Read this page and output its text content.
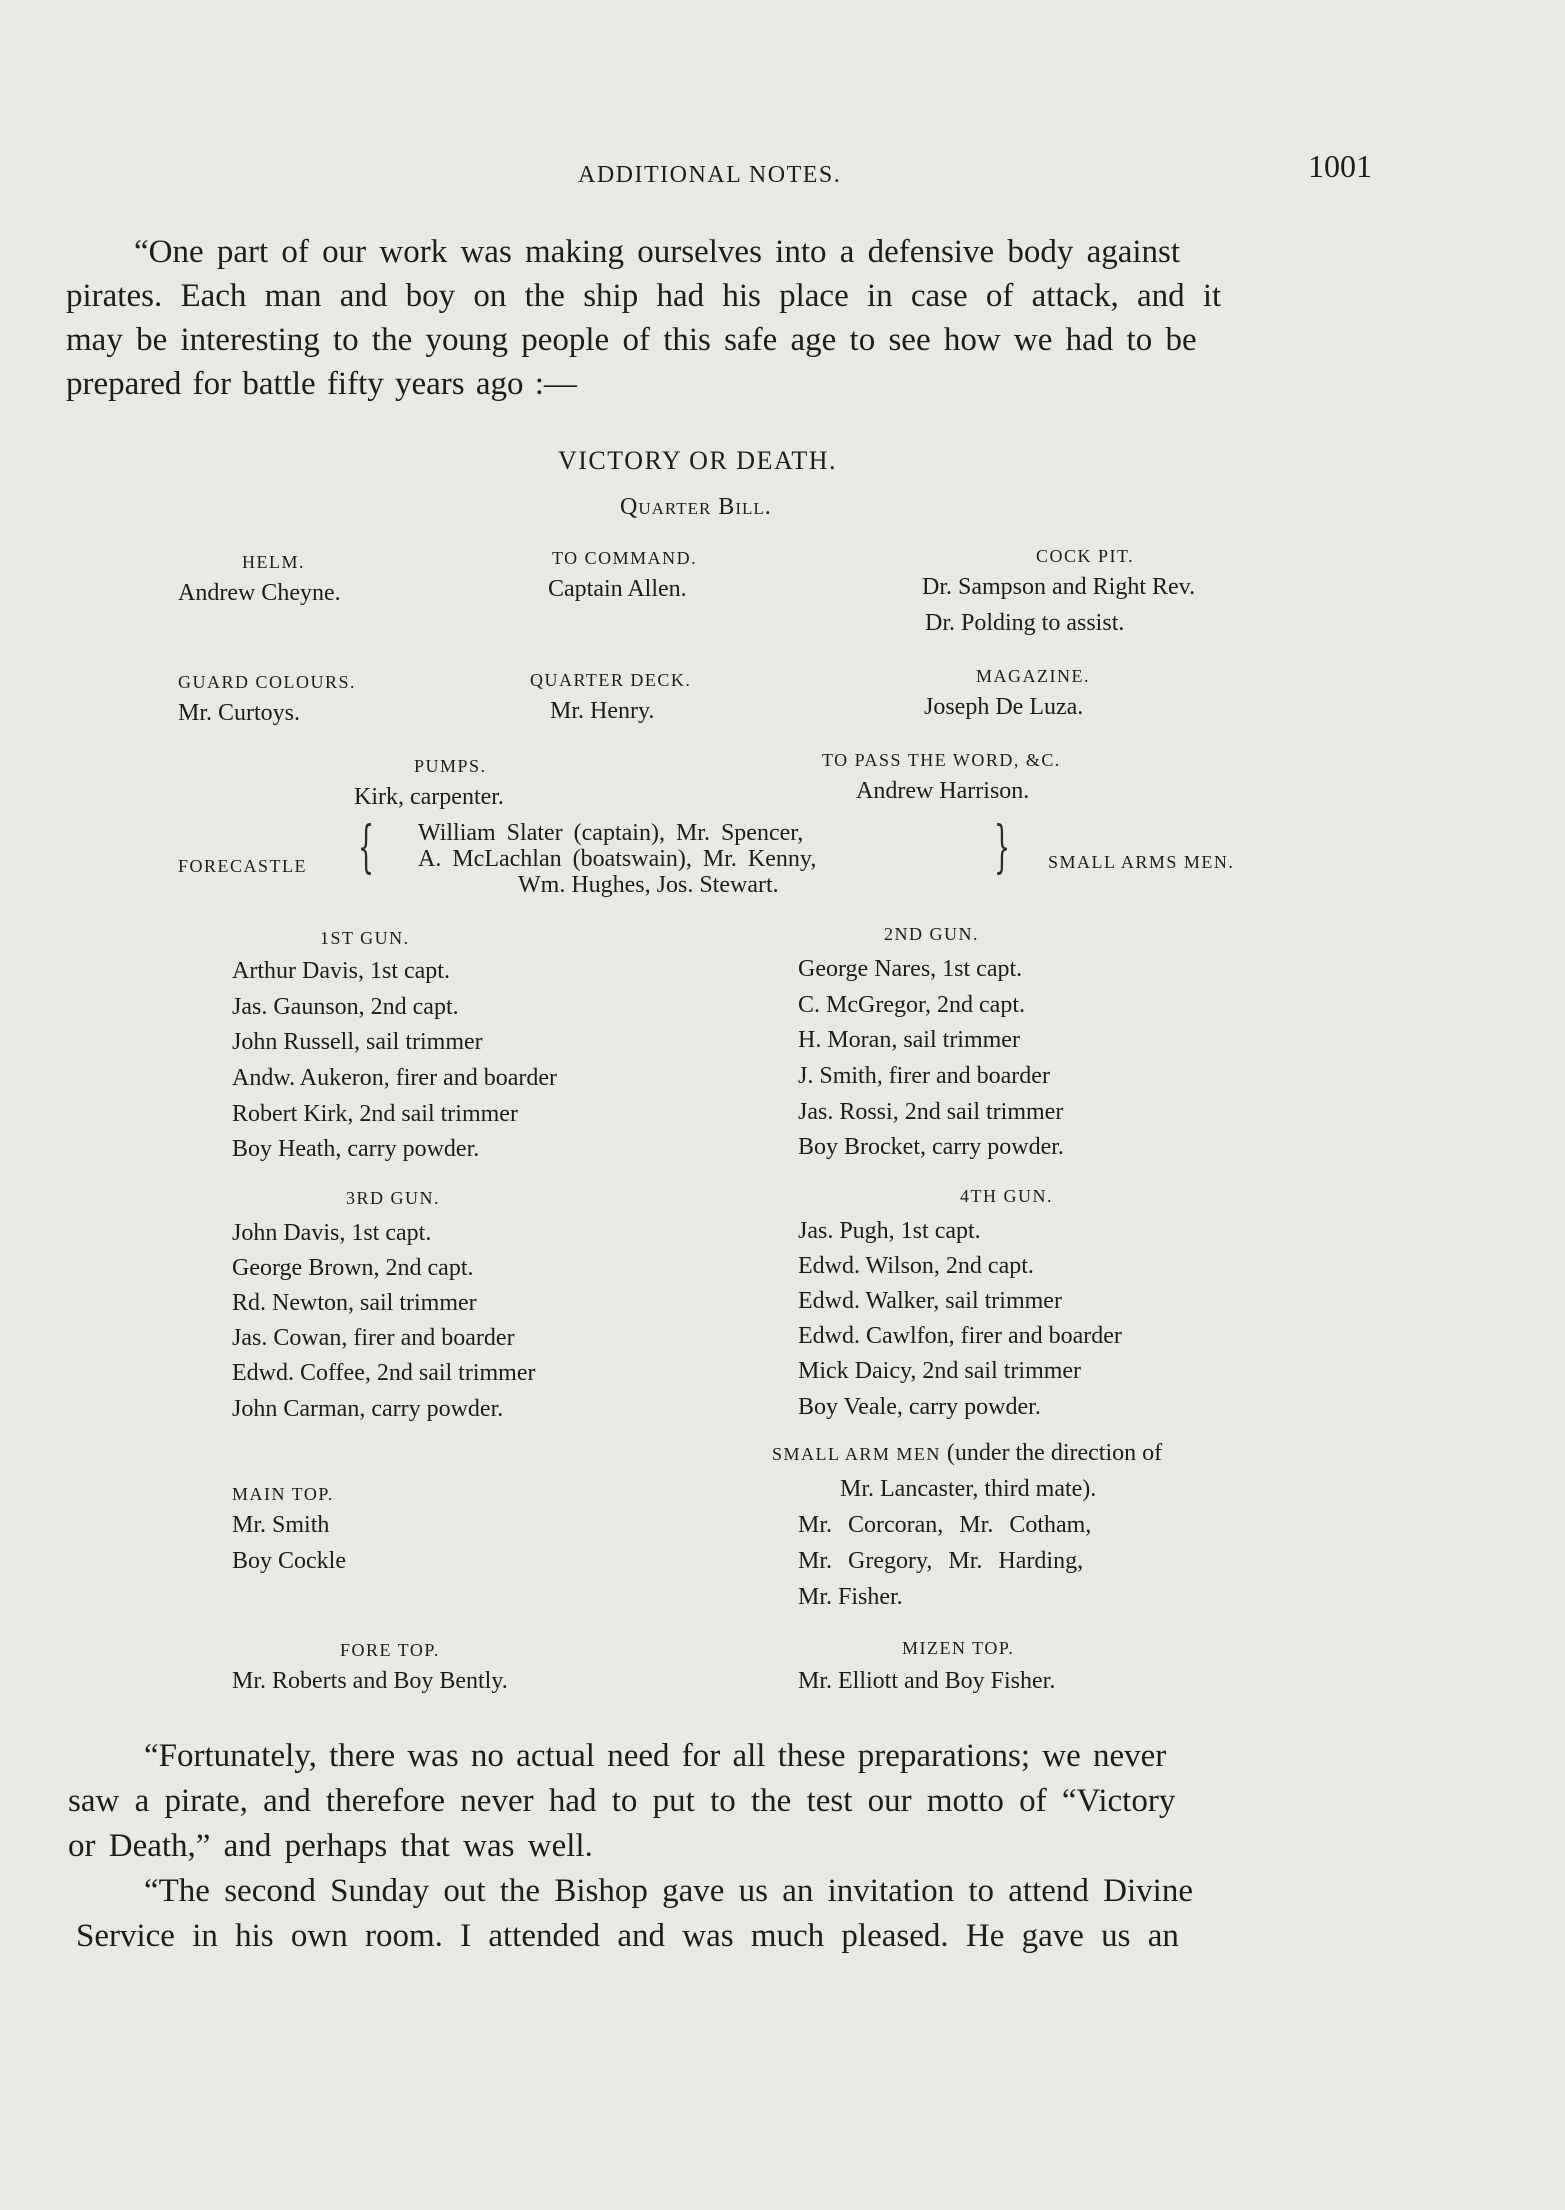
ADDITIONAL NOTES.	1001
“One part of our work was making ourselves into a defensive body against
pirates. Each man and boy on the ship had his place in case of attack, and it
may be interesting to the young people of this safe age to see how we had to be
prepared for battle fifty years ago :—
VICTORY OR DEATH.
Quarter Bill.
HELM.
Andrew Cheyne.
TO COMMAND.
Captain Allen.
COCK PIT.
Dr. Sampson and Right Rev.
Dr. Polding to assist.
GUARD COLOURS.
Mr. Curtoys.
QUARTER DECK.
Mr. Henry.
MAGAZINE.
Joseph De Luza.
PUMPS.
Kirk, carpenter.
TO PASS THE WORD, &C.
Andrew Harrison.
FORECASTLE { William Slater (captain), Mr. Spencer,
A. McLachlan (boatswain), Mr. Kenny,
Wm. Hughes, Jos. Stewart.
} SMALL ARMS MEN.
1ST GUN.
Arthur Davis, 1st capt.
Jas. Gaunson, 2nd capt.
John Russell, sail trimmer
Andw. Aukeron, firer and boarder
Robert Kirk, 2nd sail trimmer
Boy Heath, carry powder.
2ND GUN.
George Nares, 1st capt.
C. McGregor, 2nd capt.
H. Moran, sail trimmer
J. Smith, firer and boarder
Jas. Rossi, 2nd sail trimmer
Boy Brocket, carry powder.
3RD GUN.
John Davis, 1st capt.
George Brown, 2nd capt.
Rd. Newton, sail trimmer
Jas. Cowan, firer and boarder
Edwd. Coffee, 2nd sail trimmer
John Carman, carry powder.
4TH GUN.
Jas. Pugh, 1st capt.
Edwd. Wilson, 2nd capt.
Edwd. Walker, sail trimmer
Edwd. Cawlfon, firer and boarder
Mick Daicy, 2nd sail trimmer
Boy Veale, carry powder.
SMALL ARM MEN (under the direction of
Mr. Lancaster, third mate).
Mr. Corcoran, Mr. Cotham,
Mr. Gregory, Mr. Harding,
Mr. Fisher.
MAIN TOP.
Mr. Smith
Boy Cockle
FORE TOP.
Mr. Roberts and Boy Bently.
MIZEN TOP.
Mr. Elliott and Boy Fisher.
“Fortunately, there was no actual need for all these preparations; we never
saw a pirate, and therefore never had to put to the test our motto of “Victory
or Death,” and perhaps that was well.
“The second Sunday out the Bishop gave us an invitation to attend Divine
Service in his own room. I attended and was much pleased. He gave us an
